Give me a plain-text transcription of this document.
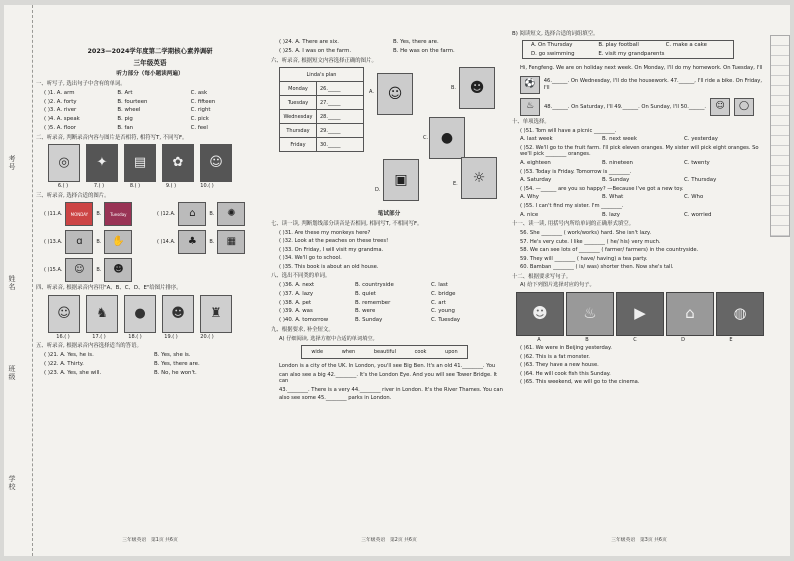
考号
姓名
班级
学校
2023—2024学年度第二学期核心素养调研
三年级英语
听力部分（每小题读两遍）
一、听写子, 选出句子中含有的单词。
( )1. A. arm	B. Art	C. ask
( )2. A. forty	B. fourteen	C. fifteen
( )3. A. river	B. wheel	C. right
( )4. A. speak	B. pig	C. pick
( )5. A. floor	B. fan	C. feel
二、听录音, 判断录音内容与图片是否相符, 相符写T, 不同写F。
◎	✦	▤	✿	☺
6.( )	7.( )	8.( )	9.( )	10.( )
三、听录音, 选择合适的图片。
( )11.A.	MONDAY	B.	Tuesday	( )12.A.	⌂	B.	✺
( )13.A.	ɑ	B.	✋	( )14.A.	♣	B.	▦
( )15.A.	☺	B.	☻
四、听录音, 根据录音内容用"A、B、C、D、E"给图片排序。
☺	♞	●	☻	♜
16.( )	17.( )	18.( )	19.( )	20.( )
五、听录音, 根据录音内容选择适当的答语。
( )21. A. Yes, he is.	B. Yes, she is.
( )22. A. Thirty.	B. Yes, there are.
( )23. A. Yes, she will.	B. No, he won't.
三年级英语　第1页 共6页
( )24. A. There are six.	B. Yes, there are.
( )25. A. I was on the farm.	B. He was on the farm.
六、听录音, 根据短文内容选择正确的图片。
Linda's plan	
Monday	26._____
Tuesday	27._____
Wednesday	28._____
Thursday	29._____
Friday	30._____
A. ☺	B. ☻
C. ●
D.
▣	E.	☼
笔试部分
七、读一读, 判断划线部分读音是否相同, 相同写T, 不相同写F。
( )31. Are these my monkeys here?
( )32. Look at the peaches on these trees!
( )33. On Friday, I will visit my grandma.
( )34. We'll go to school.
( )35. This book is about an old house.
八、选出不同类的单词。
( )36. A. next	B. countryside	C. last
( )37. A. lazy	B. quiet	C. bridge
( )38. A. pet	B. remember	C. art
( )39. A. was	B. were	C. young
( )40. A. tomorrow	B. Sunday	C. Tuesday
九、根据要求, 补全短文。
A) 仔细阅读, 选择方框中合适的单词填空。
wide	when	beautiful	cook	upon
London is a city of the UK. In London, you'll see Big Ben. It's an old 41.________. You
can also see a big 42.________. It's the London Eye. And you will see Tower Bridge. It can
43.________. There is a very 44.________ river in London. It's the River Thames. You can
also see some 45.________ parks in London.
三年级英语　第2页 共6页
B) 阅读短文, 选择合适的词组填空。
A. On Thursday	B. play football	C. make a cake
D. go swimming	E. visit my grandparents
Hi, Fengfeng. We are on holiday next week. On Monday, I'll do my homework. On Tuesday, I'll
⚽	46.______. On Wednesday, I'll do the housework. 47.______, I'll ride a bike. On Friday, I'll
♨	48.______. On Saturday, I'll 49.______. On Sunday, I'll 50.______.	☺	◯
十、单项选择。
( )51. Tom will have a picnic ________.
A. last week	B. next week	C. yesterday
( )52. We'll go to the fruit farm. I'll pick eleven oranges. My sister will pick eight oranges. So we'll pick ________ oranges.
A. eighteen	B. nineteen	C. twenty
( )53. Today is Friday. Tomorrow is ________.
A. Saturday	B. Sunday	C. Thursday
( )54. —______ are you so happy? —Because I've got a new toy.
A. Why	B. What	C. Who
( )55. I can't find my sister. I'm ________.
A. nice	B. lazy	C. worried
十一、读一读, 用括号内所给单词的正确形式填空。
56. She ________ ( work/works) hard. She isn't lazy.
57. He's very cute. I like ________ ( he/ his) very much.
58. We can see lots of ________ ( farmer/ farmers) in the countryside.
59. They will ________ ( have/ having) a tea party.
60. Bamban ________ ( is/ was) shorter then. Now she's tall.
十二、根据要求写句子。
A) 给下列图片选择对应的句子。
☻	♨	▶	⌂	◍
A	B	C	D	E
( )61. We were in Beijing yesterday.
( )62. This is a fat monster.
( )63. They have a new house.
( )64. He will cook fish this Sunday.
( )65. This weekend, we will go to the cinema.
三年级英语　第3页 共6页
